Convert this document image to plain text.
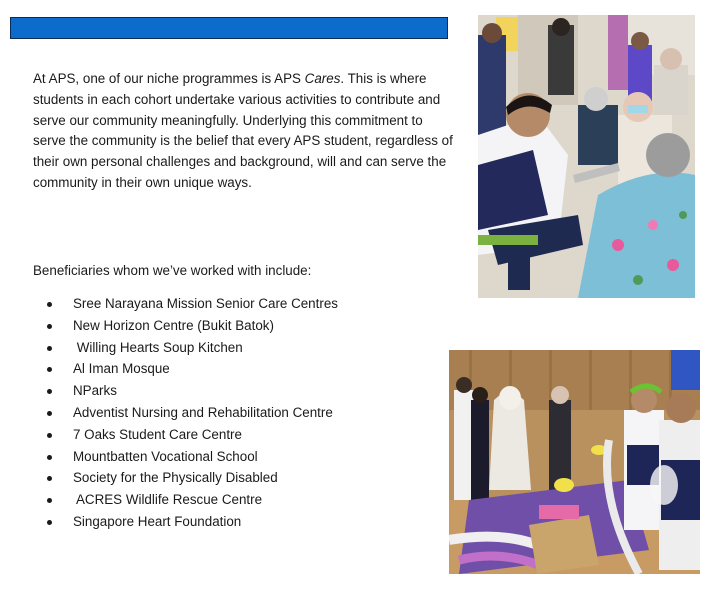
At APS, one of our niche programmes is APS Cares. This is where students in each cohort undertake various activities to contribute and serve our community meaningfully. Underlying this commitment to serve the community is the belief that every APS student, regardless of their own personal challenges and background, will and can serve the community in their own unique ways.

Beneficiaries whom we’ve worked with include:

Sree Narayana Mission Senior Care Centres
New Horizon Centre (Bukit Batok)
Willing Hearts Soup Kitchen
Al Iman Mosque
NParks
Adventist Nursing and Rehabilitation Centre
7 Oaks Student Care Centre
Mountbatten Vocational School
Society for the Physically Disabled
ACRES Wildlife Rescue Centre
Singapore Heart Foundation
